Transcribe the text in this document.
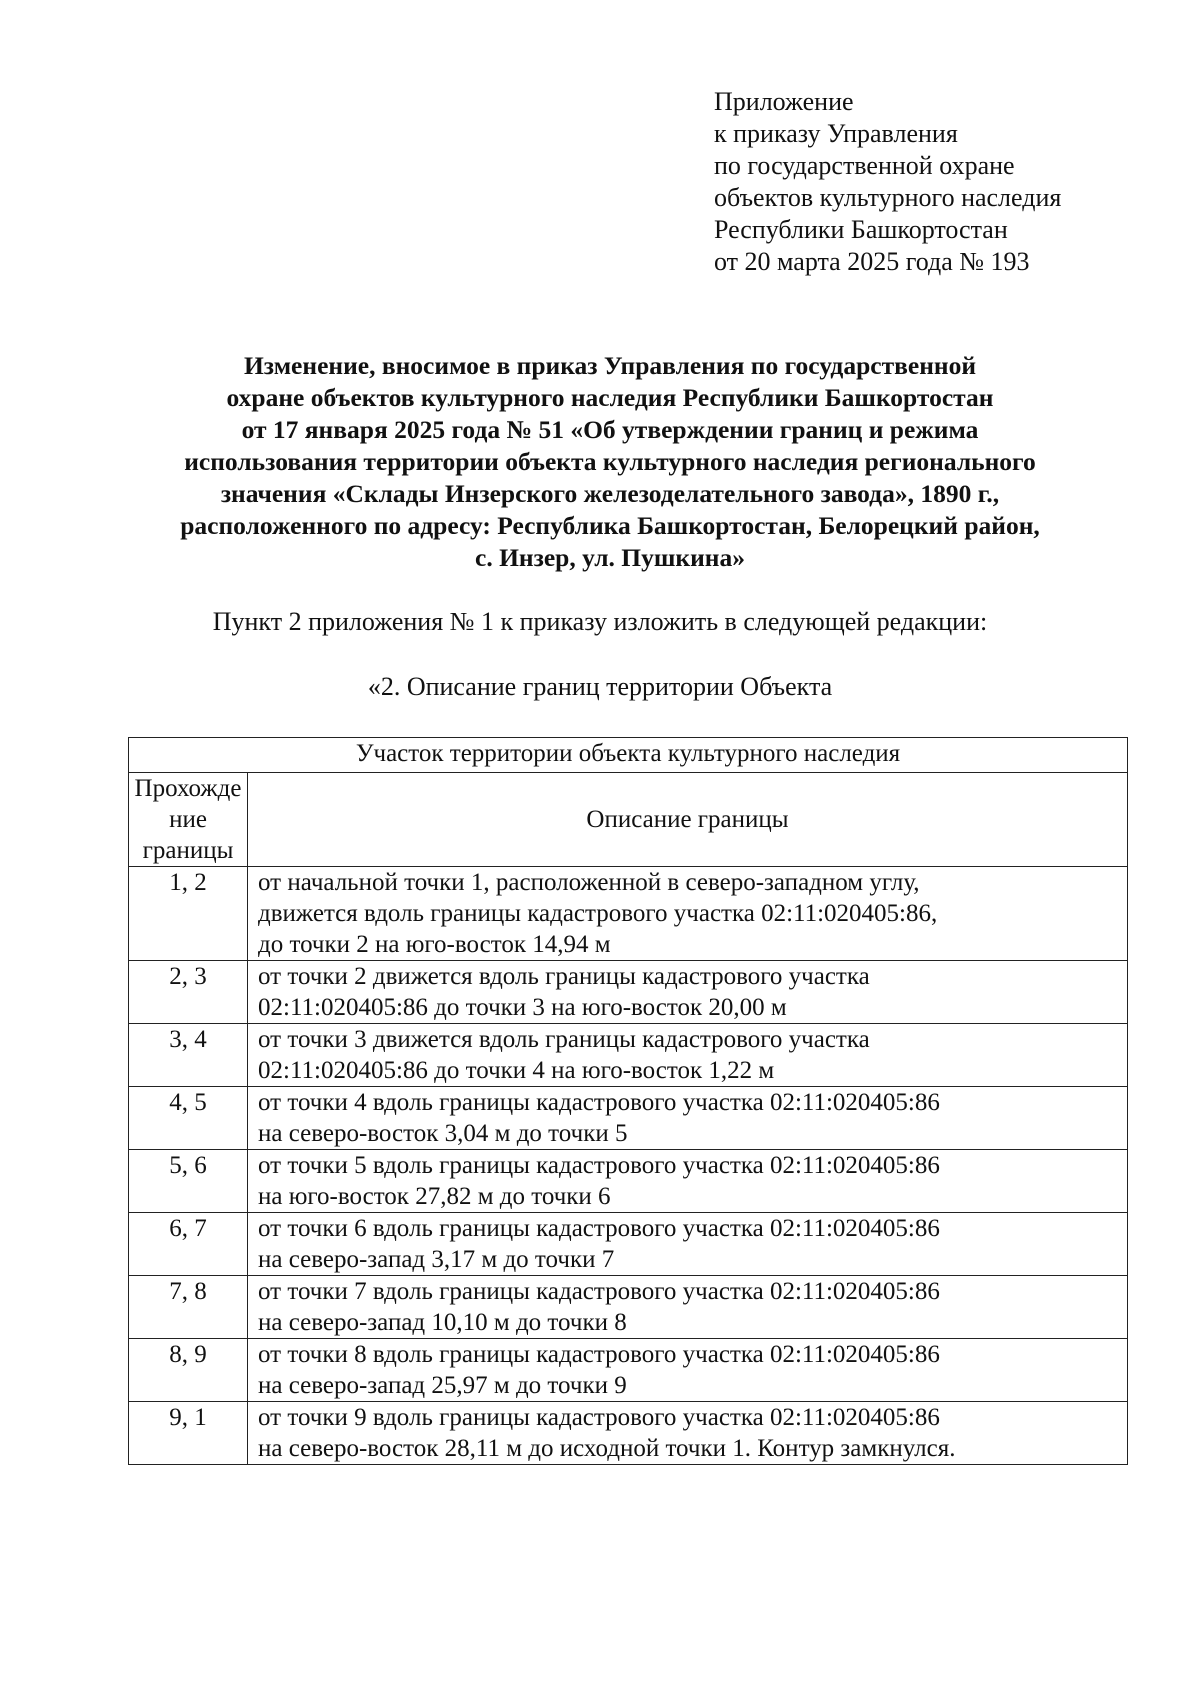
Приложение
к приказу Управления
по государственной охране
объектов культурного наследия
Республики Башкортостан
от 20 марта 2025 года № 193
Изменение, вносимое в приказ Управления по государственной
охране объектов культурного наследия Республики Башкортостан
от 17 января 2025 года № 51 «Об утверждении границ и режима
использования территории объекта культурного наследия регионального
значения «Склады Инзерского железоделательного завода», 1890 г.,
расположенного по адресу: Республика Башкортостан, Белорецкий район,
с. Инзер, ул. Пушкина»
Пункт 2 приложения № 1 к приказу изложить в следующей редакции:
«2. Описание границ территории Объекта
Участок территории объекта культурного наследия	

Прохожде
ние
границы	Описание границы
1, 2	от начальной точки 1, расположенной в северо-западном углу,
движется вдоль границы кадастрового участка 02:11:020405:86,
до точки 2 на юго-восток 14,94 м

2, 3	от точки 2 движется вдоль границы кадастрового участка
02:11:020405:86 до точки 3 на юго-восток 20,00 м

3, 4	от точки 3 движется вдоль границы кадастрового участка
02:11:020405:86 до точки 4 на юго-восток 1,22 м

4, 5	от точки 4 вдоль границы кадастрового участка 02:11:020405:86
на северо-восток 3,04 м до точки 5

5, 6	от точки 5 вдоль границы кадастрового участка 02:11:020405:86
на юго-восток 27,82 м до точки 6

6, 7	от точки 6 вдоль границы кадастрового участка 02:11:020405:86
на северо-запад 3,17 м до точки 7

7, 8	от точки 7 вдоль границы кадастрового участка 02:11:020405:86
на северо-запад 10,10 м до точки 8

8, 9	от точки 8 вдоль границы кадастрового участка 02:11:020405:86
на северо-запад 25,97 м до точки 9

9, 1	от точки 9 вдоль границы кадастрового участка 02:11:020405:86
на северо-восток 28,11 м до исходной точки 1. Контур замкнулся.
